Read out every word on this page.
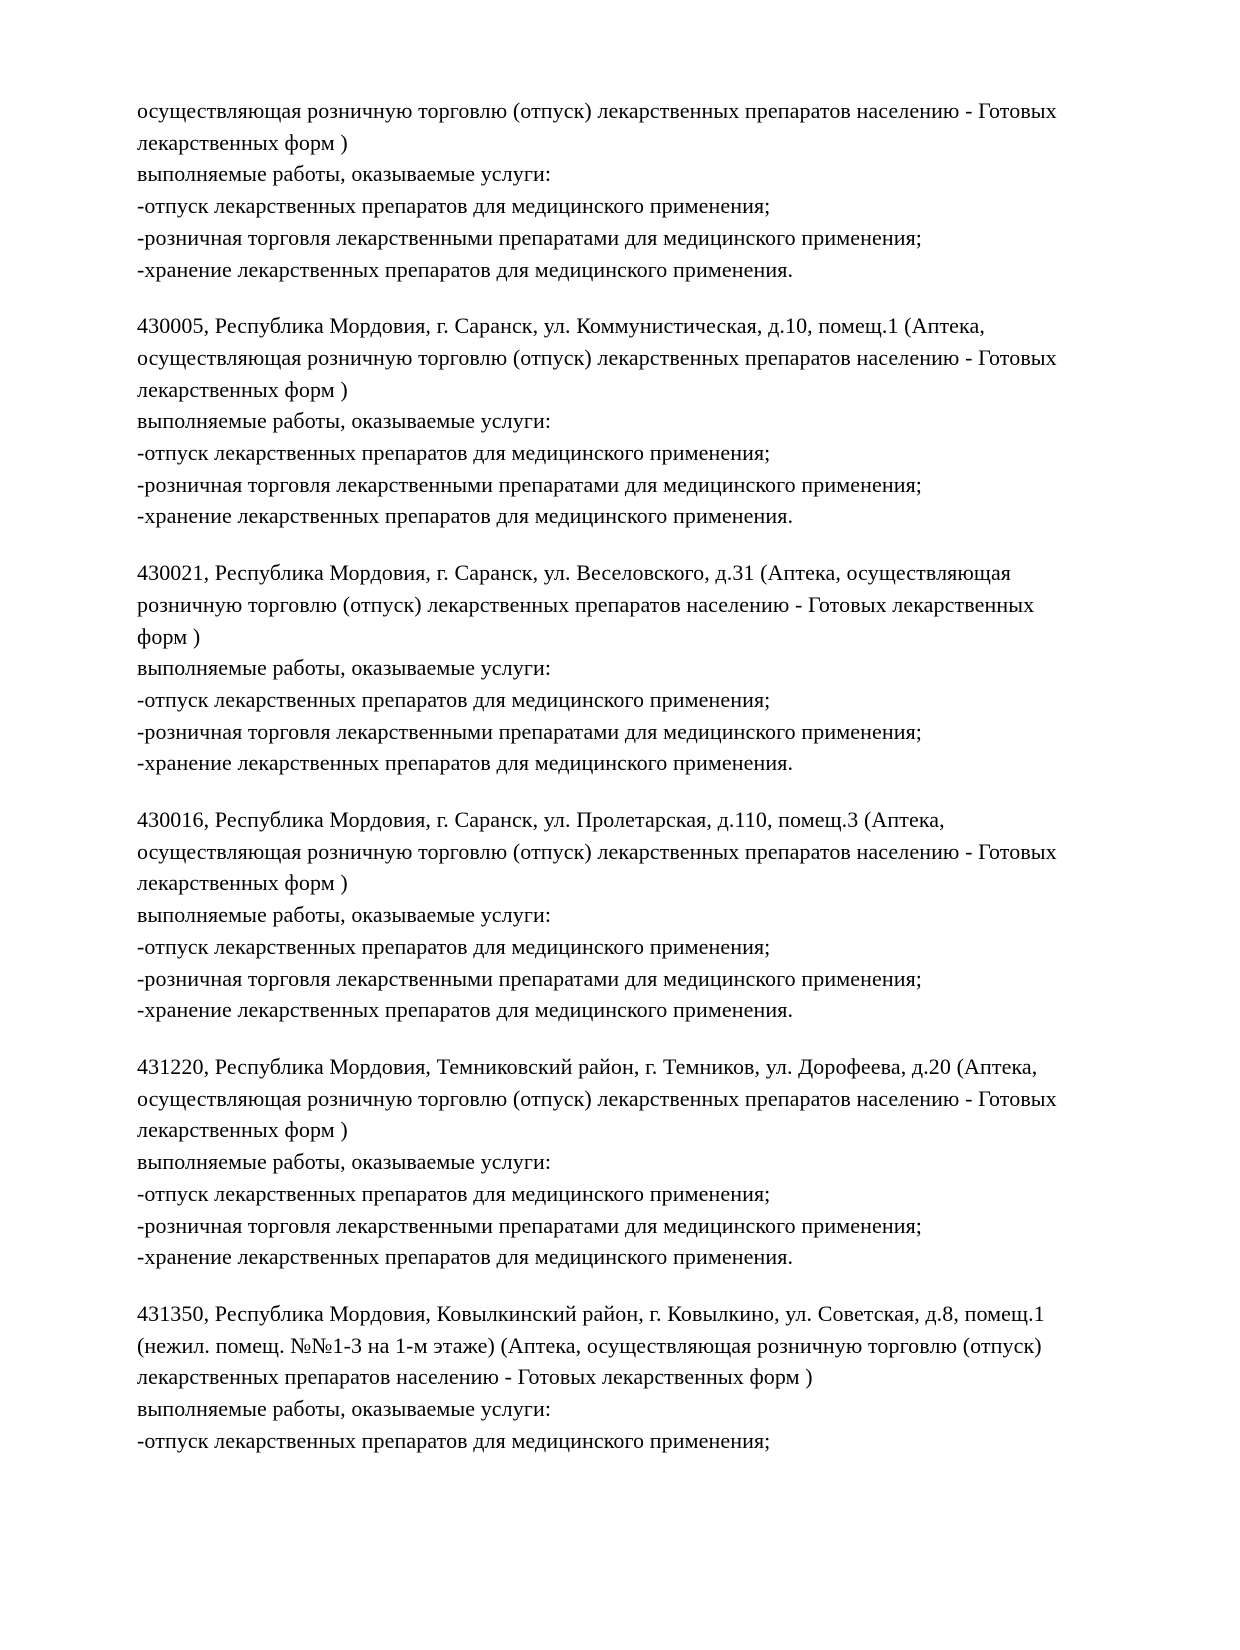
осуществляющая розничную торговлю (отпуск) лекарственных препаратов населению - Готовых
лекарственных форм )
выполняемые работы, оказываемые услуги:
-отпуск лекарственных препаратов для медицинского применения;
-розничная торговля лекарственными препаратами для медицинского применения;
-хранение лекарственных препаратов для медицинского применения.
430005, Республика Мордовия, г. Саранск, ул. Коммунистическая, д.10, помещ.1 (Аптека,
осуществляющая розничную торговлю (отпуск) лекарственных препаратов населению - Готовых
лекарственных форм )
выполняемые работы, оказываемые услуги:
-отпуск лекарственных препаратов для медицинского применения;
-розничная торговля лекарственными препаратами для медицинского применения;
-хранение лекарственных препаратов для медицинского применения.
430021, Республика Мордовия, г. Саранск, ул. Веселовского, д.31 (Аптека, осуществляющая
розничную торговлю (отпуск) лекарственных препаратов населению - Готовых лекарственных
форм )
выполняемые работы, оказываемые услуги:
-отпуск лекарственных препаратов для медицинского применения;
-розничная торговля лекарственными препаратами для медицинского применения;
-хранение лекарственных препаратов для медицинского применения.
430016, Республика Мордовия, г. Саранск, ул. Пролетарская, д.110, помещ.3 (Аптека,
осуществляющая розничную торговлю (отпуск) лекарственных препаратов населению - Готовых
лекарственных форм )
выполняемые работы, оказываемые услуги:
-отпуск лекарственных препаратов для медицинского применения;
-розничная торговля лекарственными препаратами для медицинского применения;
-хранение лекарственных препаратов для медицинского применения.
431220, Республика Мордовия, Темниковский район, г. Темников, ул. Дорофеева, д.20 (Аптека,
осуществляющая розничную торговлю (отпуск) лекарственных препаратов населению - Готовых
лекарственных форм )
выполняемые работы, оказываемые услуги:
-отпуск лекарственных препаратов для медицинского применения;
-розничная торговля лекарственными препаратами для медицинского применения;
-хранение лекарственных препаратов для медицинского применения.
431350, Республика Мордовия, Ковылкинский район, г. Ковылкино, ул. Советская, д.8, помещ.1
(нежил. помещ. №№1-3 на 1-м этаже) (Аптека, осуществляющая розничную торговлю (отпуск)
лекарственных препаратов населению - Готовых лекарственных форм )
выполняемые работы, оказываемые услуги:
-отпуск лекарственных препаратов для медицинского применения;
